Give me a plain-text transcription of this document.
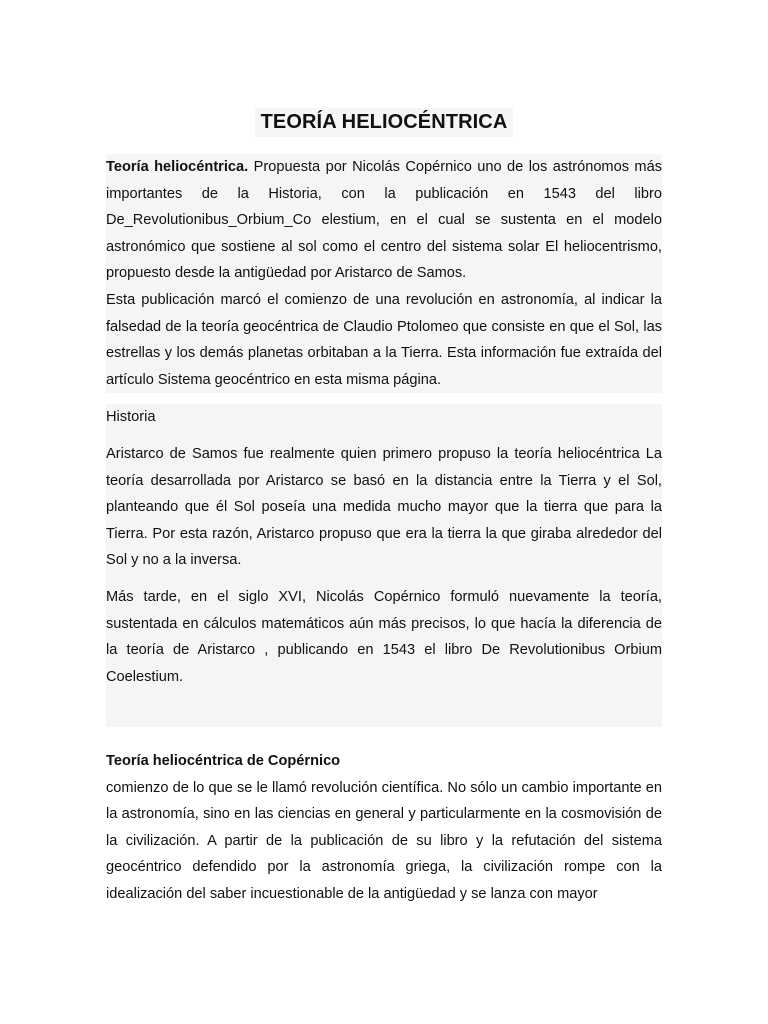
TEORÍA HELIOCÉNTRICA

Teoría heliocéntrica. Propuesta por Nicolás Copérnico uno de los astrónomos más importantes de la Historia, con la publicación en 1543 del libro De_Revolutionibus_Orbium_Co elestium, en el cual se sustenta en el modelo astronómico que sostiene al sol como el centro del sistema solar El heliocentrismo, propuesto desde la antigüedad por Aristarco de Samos.

Esta publicación marcó el comienzo de una revolución en astronomía, al indicar la falsedad de la teoría geocéntrica de Claudio Ptolomeo que consiste en que el Sol, las estrellas y los demás planetas orbitaban a la Tierra. Esta información fue extraída del artículo Sistema geocéntrico en esta misma página.

Historia

Aristarco de Samos fue realmente quien primero propuso la teoría heliocéntrica La teoría desarrollada por Aristarco se basó en la distancia entre la Tierra y el Sol, planteando que él Sol poseía una medida mucho mayor que la tierra que para la Tierra. Por esta razón, Aristarco propuso que era la tierra la que giraba alrededor del Sol y no a la inversa.

Más tarde, en el siglo XVI, Nicolás Copérnico formuló nuevamente la teoría, sustentada en cálculos matemáticos aún más precisos, lo que hacía la diferencia de la teoría de Aristarco , publicando en 1543 el libro De Revolutionibus Orbium Coelestium.

Teoría heliocéntrica de Copérnico

comienzo de lo que se le llamó revolución científica. No sólo un cambio importante en la astronomía, sino en las ciencias en general y particularmente en la cosmovisión de la civilización. A partir de la publicación de su libro y la refutación del sistema geocéntrico defendido por la astronomía griega, la civilización rompe con la idealización del saber incuestionable de la antigüedad y se lanza con mayor
